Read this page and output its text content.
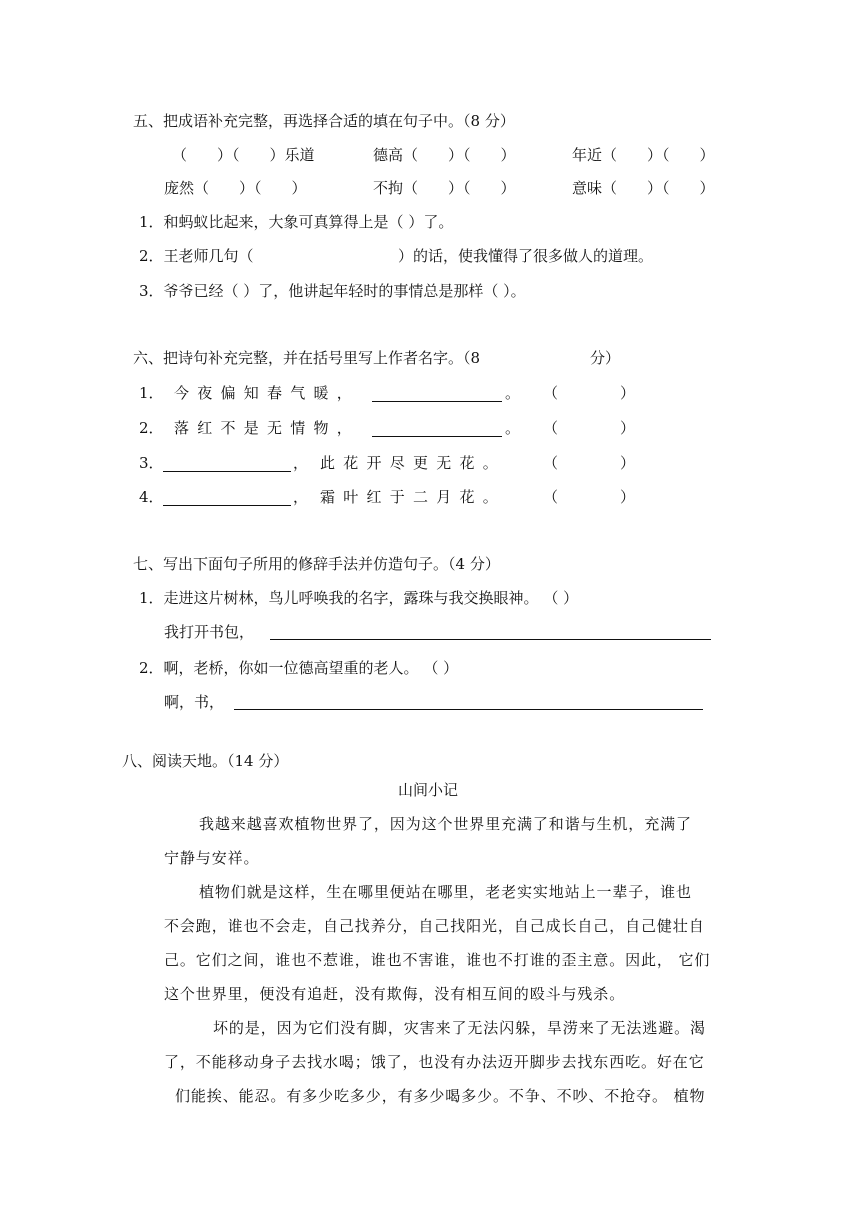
五、把成语补充完整，再选择合适的填在句子中。（8 分）
（　　）（　　）乐道	德高（　　）（　　）	年近（　　）（　　）
庞然（　　）（　　）	不拘（　　）（　　）	意味（　　）（　　）
1．和蚂蚁比起来，大象可真算得上是（ ）了。
2．王老师几句（	）的话，使我懂得了很多做人的道理。
3．爷爷已经（ ）了，他讲起年轻时的事情总是那样（ ）。
六、把诗句补充完整，并在括号里写上作者名字。（8	分）
1． 今夜偏知春气暖，	。 （	）
2． 落红不是无情物，	。 （	）
3．	， 此花开尽更无花。 （	）
4．	， 霜叶红于二月花。 （	）
七、写出下面句子所用的修辞手法并仿造句子。（4 分）
1．走进这片树林，鸟儿呼唤我的名字，露珠与我交换眼神。 （ ）
我打开书包，
2．啊，老桥，你如一位德高望重的老人。 （ ）
啊，书，
八、阅读天地。（14 分）
山间小记
我越来越喜欢植物世界了，因为这个世界里充满了和谐与生机，充满了
宁静与安祥。
植物们就是这样，生在哪里便站在哪里，老老实实地站上一辈子，谁也
不会跑，谁也不会走，自己找养分，自己找阳光，自己成长自己，自己健壮自
己。它们之间，谁也不惹谁，谁也不害谁，谁也不打谁的歪主意。因此， 它们
这个世界里，便没有追赶，没有欺侮，没有相互间的殴斗与残杀。
坏的是，因为它们没有脚，灾害来了无法闪躲，旱涝来了无法逃避。渴
了，不能移动身子去找水喝；饿了，也没有办法迈开脚步去找东西吃。好在它
们能挨、能忍。有多少吃多少，有多少喝多少。不争、不吵、不抢夺。 植物
